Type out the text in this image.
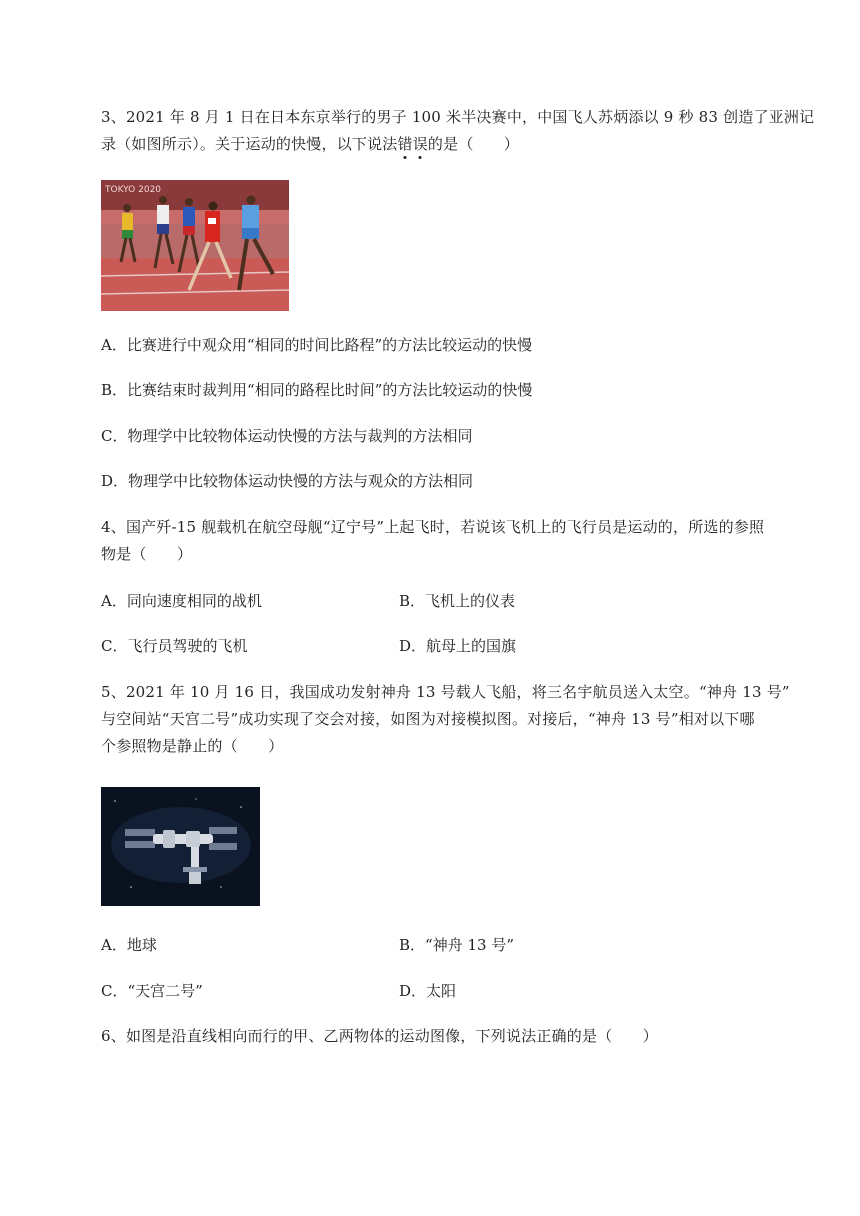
3、2021 年 8 月 1 日在日本东京举行的男子 100 米半决赛中，中国飞人苏炳添以 9 秒 83 创造了亚洲记
录（如图所示）。关于运动的快慢，以下说法错误的是（　　）
TOKYO 2020
A．比赛进行中观众用“相同的时间比路程”的方法比较运动的快慢
B．比赛结束时裁判用“相同的路程比时间”的方法比较运动的快慢
C．物理学中比较物体运动快慢的方法与裁判的方法相同
D．物理学中比较物体运动快慢的方法与观众的方法相同
4、国产歼-15 舰载机在航空母舰“辽宁号”上起飞时，若说该飞机上的飞行员是运动的，所选的参照
物是（　　）
A．同向速度相同的战机	B．飞机上的仪表
C．飞行员驾驶的飞机	D．航母上的国旗
5、2021 年 10 月 16 日，我国成功发射神舟 13 号载人飞船，将三名宇航员送入太空。“神舟 13 号”
与空间站“天宫二号”成功实现了交会对接，如图为对接模拟图。对接后，“神舟 13 号”相对以下哪
个参照物是静止的（　　）
A．地球	B．“神舟 13 号”
C．“天宫二号”	D．太阳
6、如图是沿直线相向而行的甲、乙两物体的运动图像，下列说法正确的是（　　）
